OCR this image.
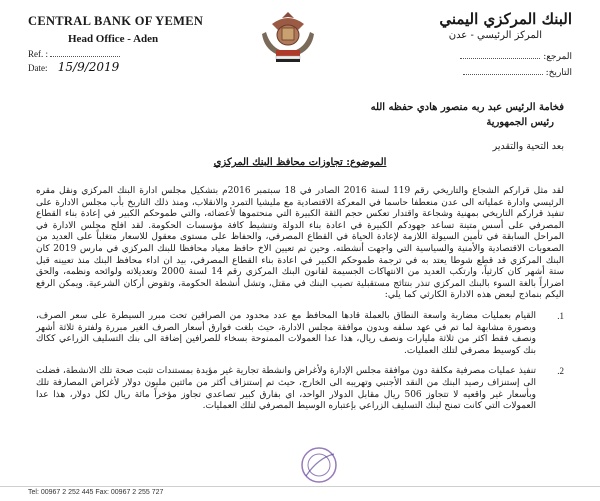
CENTRAL BANK OF YEMEN
Head Office - Aden
Ref. :
Date: 15/9/2019
البنك المركزي اليمني
المركز الرئيسي - عدن
المرجع:
التاريخ:
فخامة الرئيس عبد ربه منصور هادي حفظه الله
رئيس الجمهورية
بعد التحية والتقدير
الموضوع: تجاوزات محافظ البنك المركزي
لقد مثل قراركم الشجاع والتاريخي رقم 119 لسنة 2016 الصادر في 18 سبتمبر 2016م بتشكيل مجلس ادارة البنك المركزي ونقل مقره الرئيسي وادارة عملياته الى عدن منعطفا حاسما في المعركة الاقتصادية مع مليشيا التمرد والانقلاب، ومنذ ذلك التاريخ بأب مجلس الادارة على تنفيذ قراركم التاريخي بمهنية وشجاعة واقتدار تعكس حجم الثقة الكبيرة التي منحتموها لأعضائه، والتي طموحكم الكبير في إعادة بناء القطاع المصرفي على أسس متينة تساعد جهودكم الكبيرة في اعادة بناء الدولة وتنشيط كافة مؤسسات الحكومة. لقد افلح مجلس الادارة في المراحل السابقة في تأمين السيولة اللازمة لإعادة الحياة في القطاع المصرفي، والحفاظ على مستوى معقول للاسعار متغلباً على العديد من الصعوبات الاقتصادية والأمنية والسياسية التي واجهت أنشطته. وحين تم تعيين الاخ حافظ معياد محافظا للبنك المركزي في مارس 2019 كان البنك المركزي قد قطع شوطا يعتد به في ترجمة طموحكم الكبير في اعادة بناء القطاع المصرفي، بيد ان اداء محافظ البنك منذ تعيينه قبل ستة أشهر كان كارثياً، وارتكب العديد من الانتهاكات الجسيمة لقانون البنك المركزي رقم 14 لسنة 2000 وتعديلاته ولوائحه ونظمه، والحق اضراراً بالغة السوء بالبنك المركزي تنذر بنتائج مستقبلية تصيب البنك في مقتل، وتشل أنشطة الحكومة، وتقوض أركان الشرعية. ويمكن الرفع اليكم بنماذج لبعض هذه الادارة الكارثي كما يلي:
1.
القيام بعمليات مضاربة واسعة النطاق بالعملة قادها المحافظ مع عدد محدود من الصرافين تحت مبرر السيطرة على سعر الصرف، وبصورة مشابهة لما تم في عهد سلفه وبدون موافقة مجلس الادارة، حيث بلغت فوارق أسعار الصرف الغير مبررة ولفترة ثلاثة أشهر ونصف فقط اكثر من ثلاثة مليارات ونصف ريال، هذا عدا العمولات الممنوحة بسخاء للصرافين إضافة الى بنك التسليف الزراعي ككاك بنك كوسيط مصرفي لتلك العمليات.
2.
تنفيذ عمليات مصرفية مكلفة دون موافقة مجلس الإدارة ولأغراض وانشطة تجارية غير مؤيدة بمستندات تثبت صحة تلك الانشطة، فضلت الى إستنزاف رصيد البنك من النقد الأجنبي وتهريبه الى الخارج، حيث تم إستنزاف أكثر من مائتين مليون دولار لأغراض المصارفة تلك وبأسعار غير واقعيه لا تتجاوز 506 ريال مقابل الدولار الواحد، اي بفارق كبير تصاعدي تجاوز مؤخراً مائة ريال لكل دولار، هذا عدا العمولات التي كانت تمنح لبنك التسليف الزراعي بإعتباره الوسيط المصرفي لتلك العمليات.
Tel: 00967 2 252 445 Fax: 00967 2 255 727
